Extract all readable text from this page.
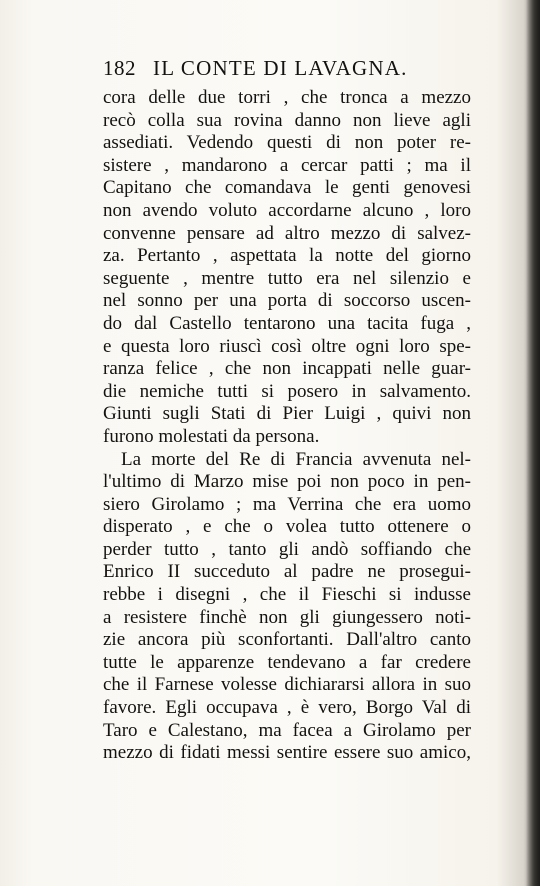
182 IL CONTE DI LAVAGNA.
cora delle due torri , che tronca a mezzo
recò colla sua rovina danno non lieve agli
assediati. Vedendo questi di non poter re-
sistere , mandarono a cercar patti ; ma il
Capitano che comandava le genti genovesi
non avendo voluto accordarne alcuno , loro
convenne pensare ad altro mezzo di salvez-
za. Pertanto , aspettata la notte del giorno
seguente , mentre tutto era nel silenzio e
nel sonno per una porta di soccorso uscen-
do dal Castello tentarono una tacita fuga ,
e questa loro riuscì così oltre ogni loro spe-
ranza felice , che non incappati nelle guar-
die nemiche tutti si posero in salvamento.
Giunti sugli Stati di Pier Luigi , quivi non
furono molestati da persona.
La morte del Re di Francia avvenuta nel-
l'ultimo di Marzo mise poi non poco in pen-
siero Girolamo ; ma Verrina che era uomo
disperato , e che o volea tutto ottenere o
perder tutto , tanto gli andò soffiando che
Enrico II succeduto al padre ne prosegui-
rebbe i disegni , che il Fieschi si indusse
a resistere finchè non gli giungessero noti-
zie ancora più sconfortanti. Dall'altro canto
tutte le apparenze tendevano a far credere
che il Farnese volesse dichiararsi allora in suo
favore. Egli occupava , è vero, Borgo Val di
Taro e Calestano, ma facea a Girolamo per
mezzo di fidati messi sentire essere suo amico,
